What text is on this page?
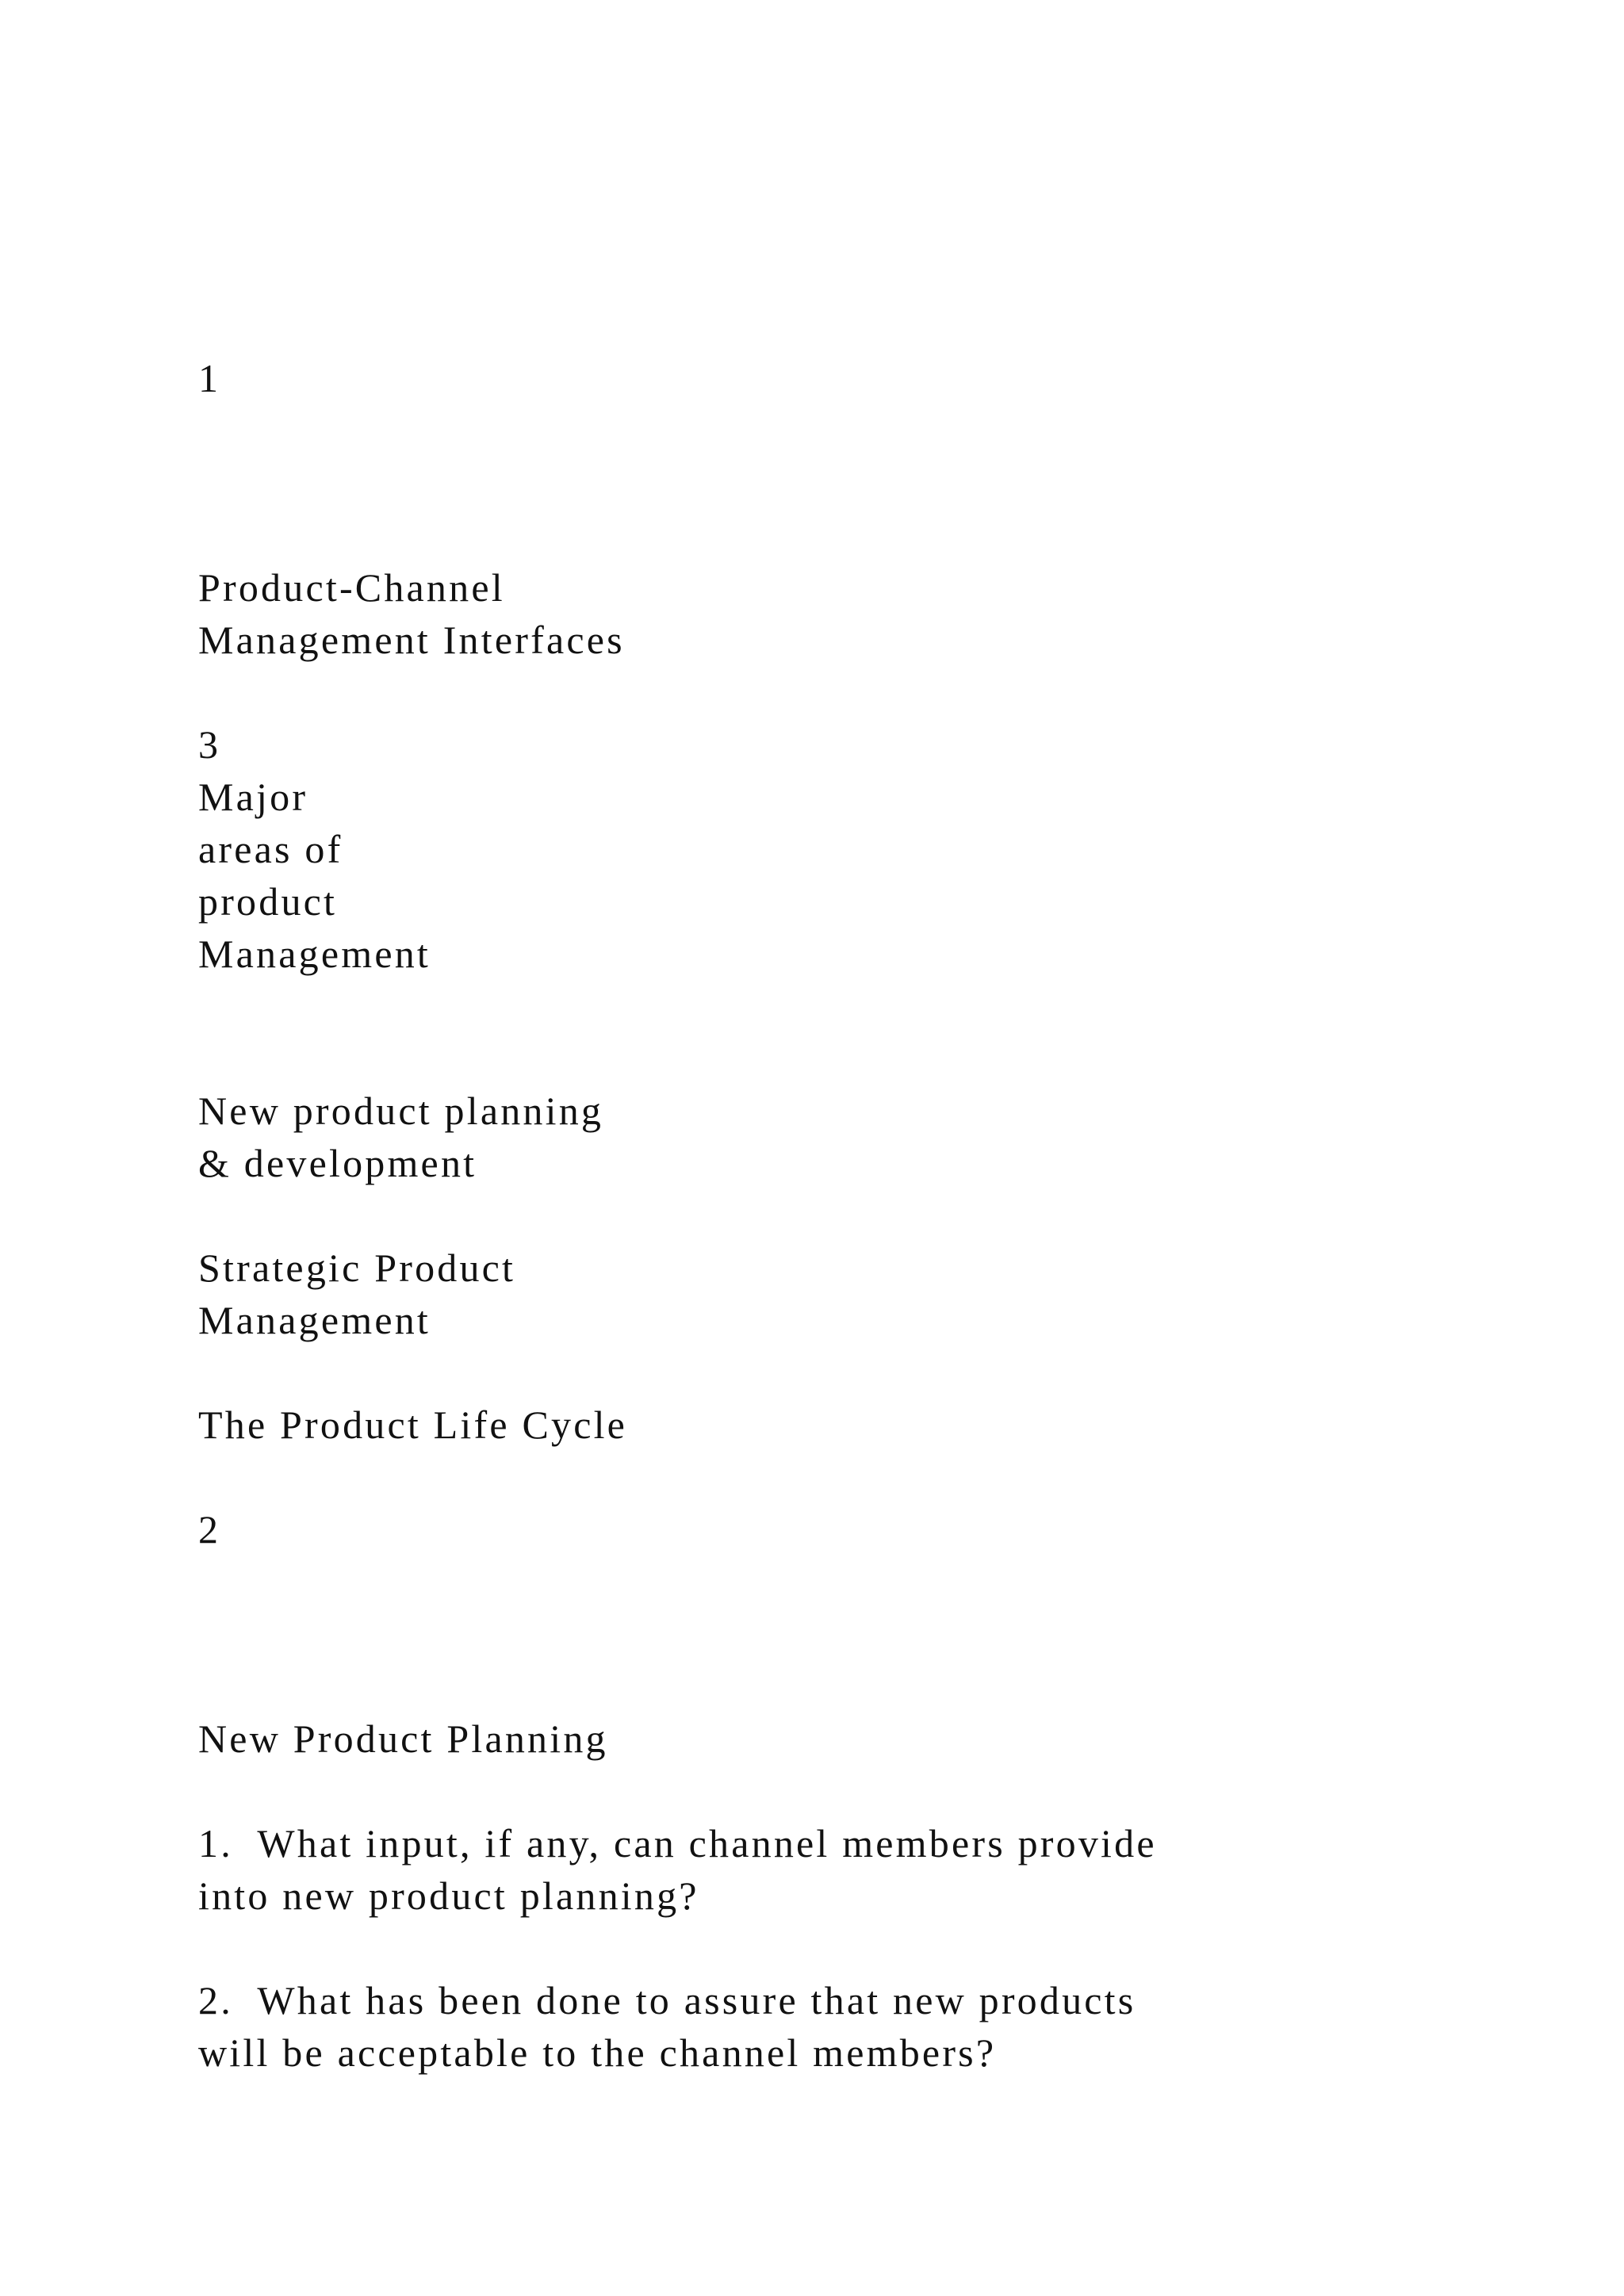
1

Product-Channel

Management Interfaces

3

Major

areas of

product

Management

New product planning

& development

Strategic Product

Management

The Product Life Cycle

2

New Product Planning

1.  What input, if any, can channel members provide

into new product planning?

2.  What has been done to assure that new products

will be acceptable to the channel members?
